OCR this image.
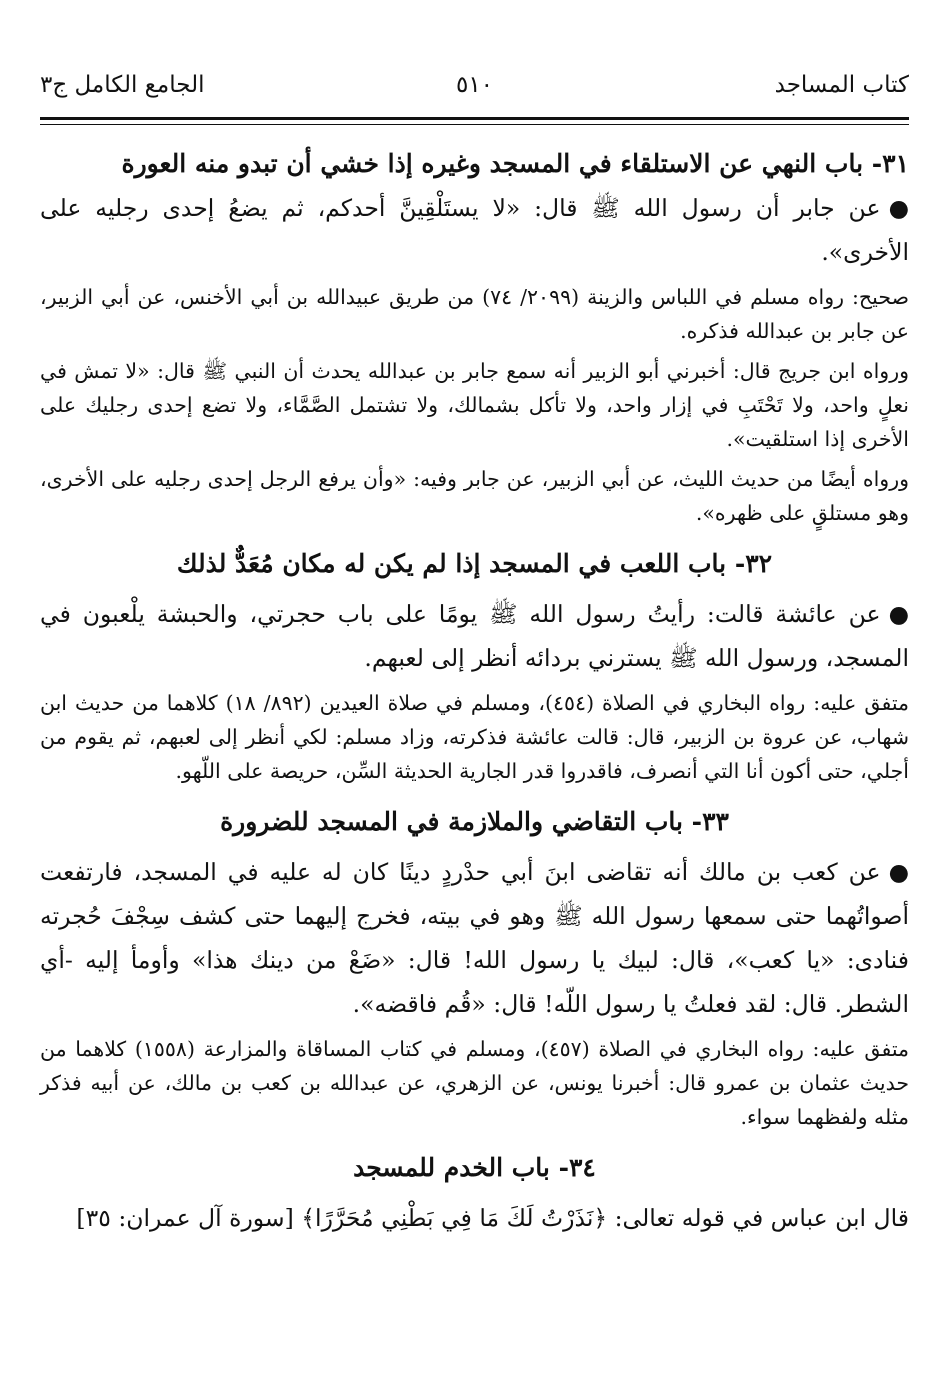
كتاب المساجد
٥١٠
الجامع الكامل ج٣
٣١- باب النهي عن الاستلقاء في المسجد وغيره إذا خشي أن تبدو منه العورة

●عن جابر أن رسول الله ﷺ قال: «لا يستَلْقِينَّ أحدكم، ثم يضعُ إحدى رجليه على الأخرى».

صحيح: رواه مسلم في اللباس والزينة (٢٠٩٩/ ٧٤) من طريق عبيدالله بن أبي الأخنس، عن أبي الزبير، عن جابر بن عبدالله فذكره.

ورواه ابن جريج قال: أخبرني أبو الزبير أنه سمع جابر بن عبدالله يحدث أن النبي ﷺ قال: «لا تمش في نعلٍ واحد، ولا تَحْتَبِ في إزار واحد، ولا تأكل بشمالك، ولا تشتمل الصَّمَّاء، ولا تضع إحدى رجليك على الأخرى إذا استلقيت».

ورواه أيضًا من حديث الليث، عن أبي الزبير، عن جابر وفيه: «وأن يرفع الرجل إحدى رجليه على الأخرى، وهو مستلقٍ على ظهره».

٣٢- باب اللعب في المسجد إذا لم يكن له مكان مُعَدٌّ لذلك

●عن عائشة قالت: رأيتُ رسول الله ﷺ يومًا على باب حجرتي، والحبشة يلْعبون في المسجد، ورسول الله ﷺ يسترني بردائه أنظر إلى لعبهم.

متفق عليه: رواه البخاري في الصلاة (٤٥٤)، ومسلم في صلاة العيدين (٨٩٢/ ١٨) كلاهما من حديث ابن شهاب، عن عروة بن الزبير، قال: قالت عائشة فذكرته، وزاد مسلم: لكي أنظر إلى لعبهم، ثم يقوم من أجلي، حتى أكون أنا التي أنصرف، فاقدروا قدر الجارية الحديثة السِّن، حريصة على اللّهو.

٣٣- باب التقاضي والملازمة في المسجد للضرورة

●عن كعب بن مالك أنه تقاضى ابنَ أبي حدْردٍ دينًا كان له عليه في المسجد، فارتفعت أصواتُهما حتى سمعها رسول الله ﷺ وهو في بيته، فخرج إليهما حتى كشف سِجْفَ حُجرته فنادى: «يا كعب»، قال: لبيك يا رسول الله! قال: «ضَعْ من دينك هذا» وأومأ إليه -أي الشطر. قال: لقد فعلتُ يا رسول اللّه! قال: «قُم فاقضه».

متفق عليه: رواه البخاري في الصلاة (٤٥٧)، ومسلم في كتاب المساقاة والمزارعة (١٥٥٨) كلاهما من حديث عثمان بن عمرو قال: أخبرنا يونس، عن الزهري، عن عبدالله بن كعب بن مالك، عن أبيه فذكر مثله ولفظهما سواء.

٣٤- باب الخدم للمسجد

قال ابن عباس في قوله تعالى: ﴿نَذَرْتُ لَكَ مَا فِي بَطْنِي مُحَرَّرًا﴾ [سورة آل عمران: ٣٥]
